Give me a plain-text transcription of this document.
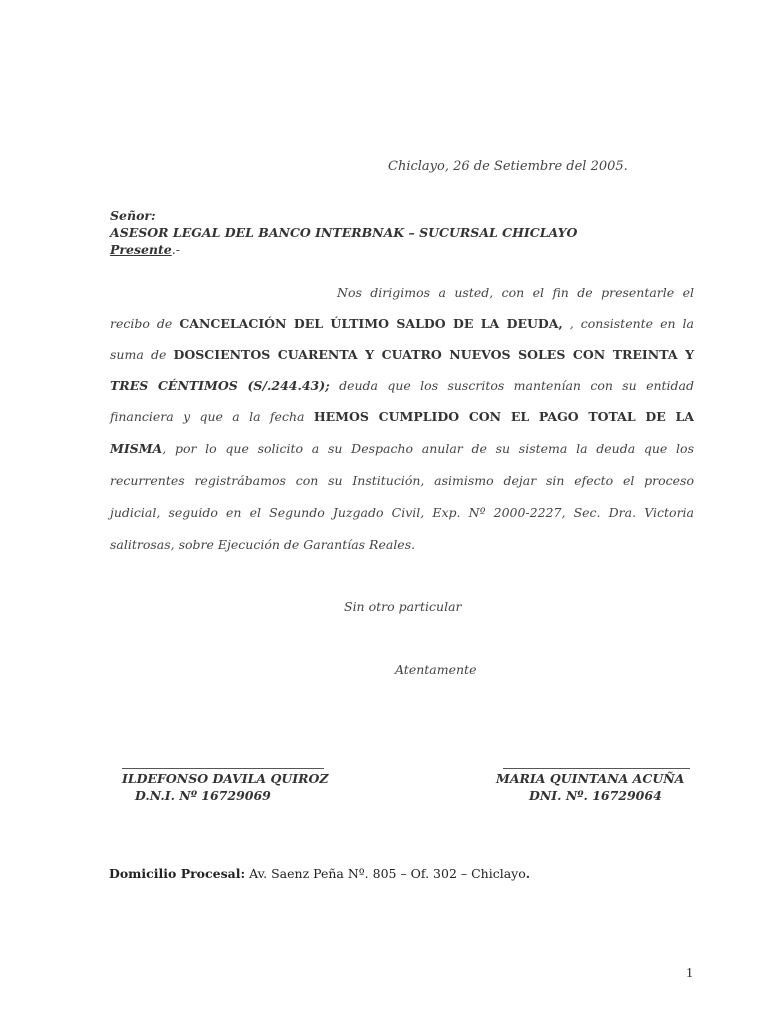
Chiclayo, 26 de Setiembre del 2005.
Señor:
ASESOR LEGAL DEL BANCO INTERBNAK – SUCURSAL CHICLAYO
Presente.-
Nos dirigimos a usted, con el fin de presentarle el
recibo de CANCELACIÓN DEL ÚLTIMO SALDO DE LA DEUDA, , consistente en la
suma de DOSCIENTOS CUARENTA Y CUATRO NUEVOS SOLES CON TREINTA Y
TRES CÉNTIMOS (S/.244.43); deuda que los suscritos mantenían con su entidad
financiera y que a la fecha HEMOS CUMPLIDO CON EL PAGO TOTAL DE LA
MISMA, por lo que solicito a su Despacho anular de su sistema la deuda que los
recurrentes registrábamos con su Institución, asimismo dejar sin efecto el proceso
judicial, seguido en el Segundo Juzgado Civil, Exp. Nº 2000-2227, Sec. Dra. Victoria
salitrosas, sobre Ejecución de Garantías Reales.
Sin otro particular
Atentamente
ILDEFONSO DAVILA QUIROZ
D.N.I. Nº 16729069
MARIA QUINTANA ACUÑA
DNI. Nº. 16729064
Domicilio Procesal: Av. Saenz Peña Nº. 805 – Of. 302 – Chiclayo.
1
